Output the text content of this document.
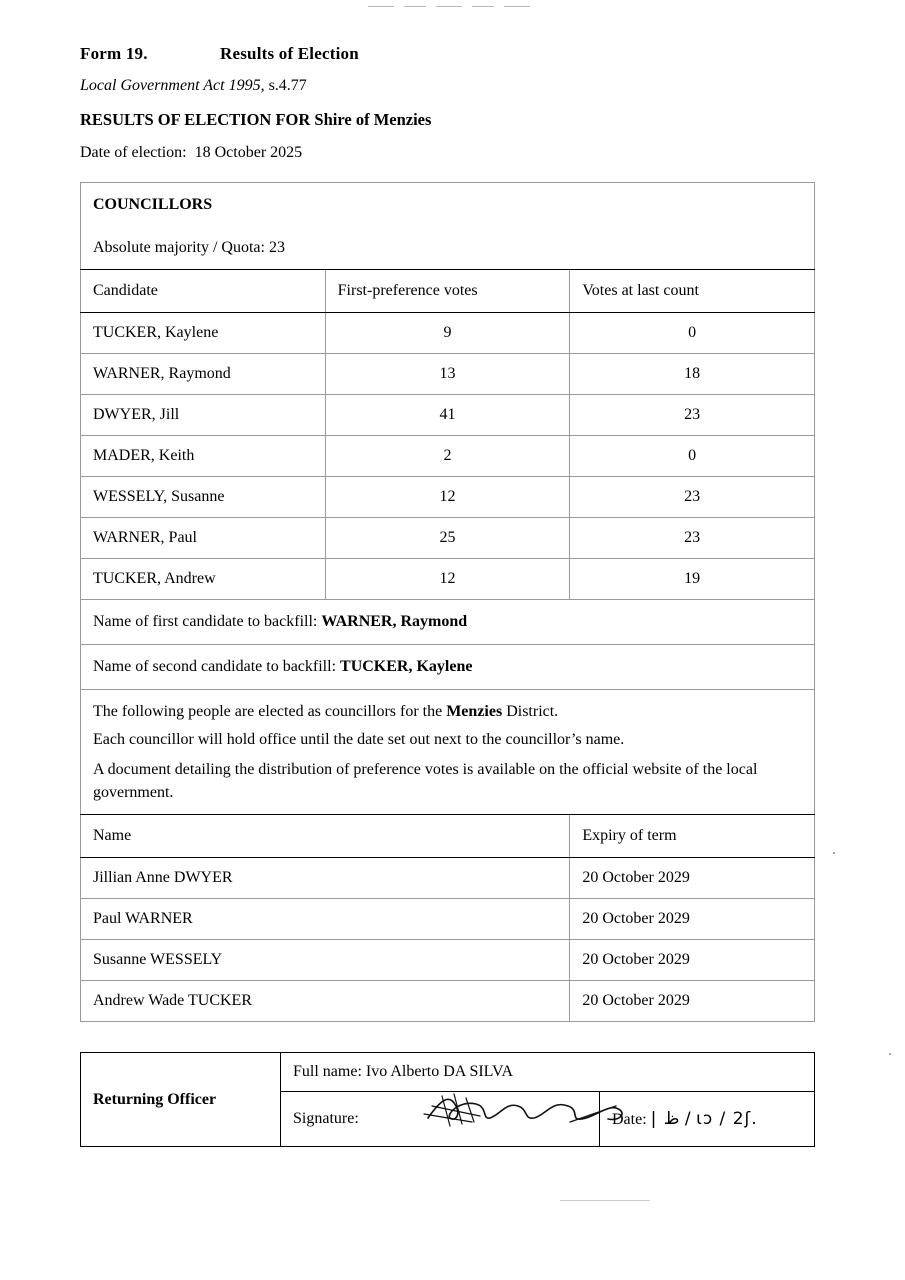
Form 19.	Results of Election
Local Government Act 1995, s.4.77
RESULTS OF ELECTION FOR Shire of Menzies
Date of election: 18 October 2025
COUNCILLORS		
Absolute majority / Quota: 23		
Candidate	First-preference votes	Votes at last count
TUCKER, Kaylene	9	0
WARNER, Raymond	13	18
DWYER, Jill	41	23
MADER, Keith	2	0
WESSELY, Susanne	12	23
WARNER, Paul	25	23
TUCKER, Andrew	12	19
Name of first candidate to backfill: WARNER, Raymond		
Name of second candidate to backfill: TUCKER, Kaylene		
The following people are elected as councillors for the Menzies District.		
Each councillor will hold office until the date set out next to the councillor’s name.		
A document detailing the distribution of preference votes is available on the official website of the local government.		
Name		Expiry of term
Jillian Anne DWYER		20 October 2029
Paul WARNER		20 October 2029
Susanne WESSELY		20 October 2029
Andrew Wade TUCKER		20 October 2029
Returning Officer	Full name: Ivo Alberto DA SILVA		
	Signature:		Date: | ظ / ιɔ / 2ʃ.
